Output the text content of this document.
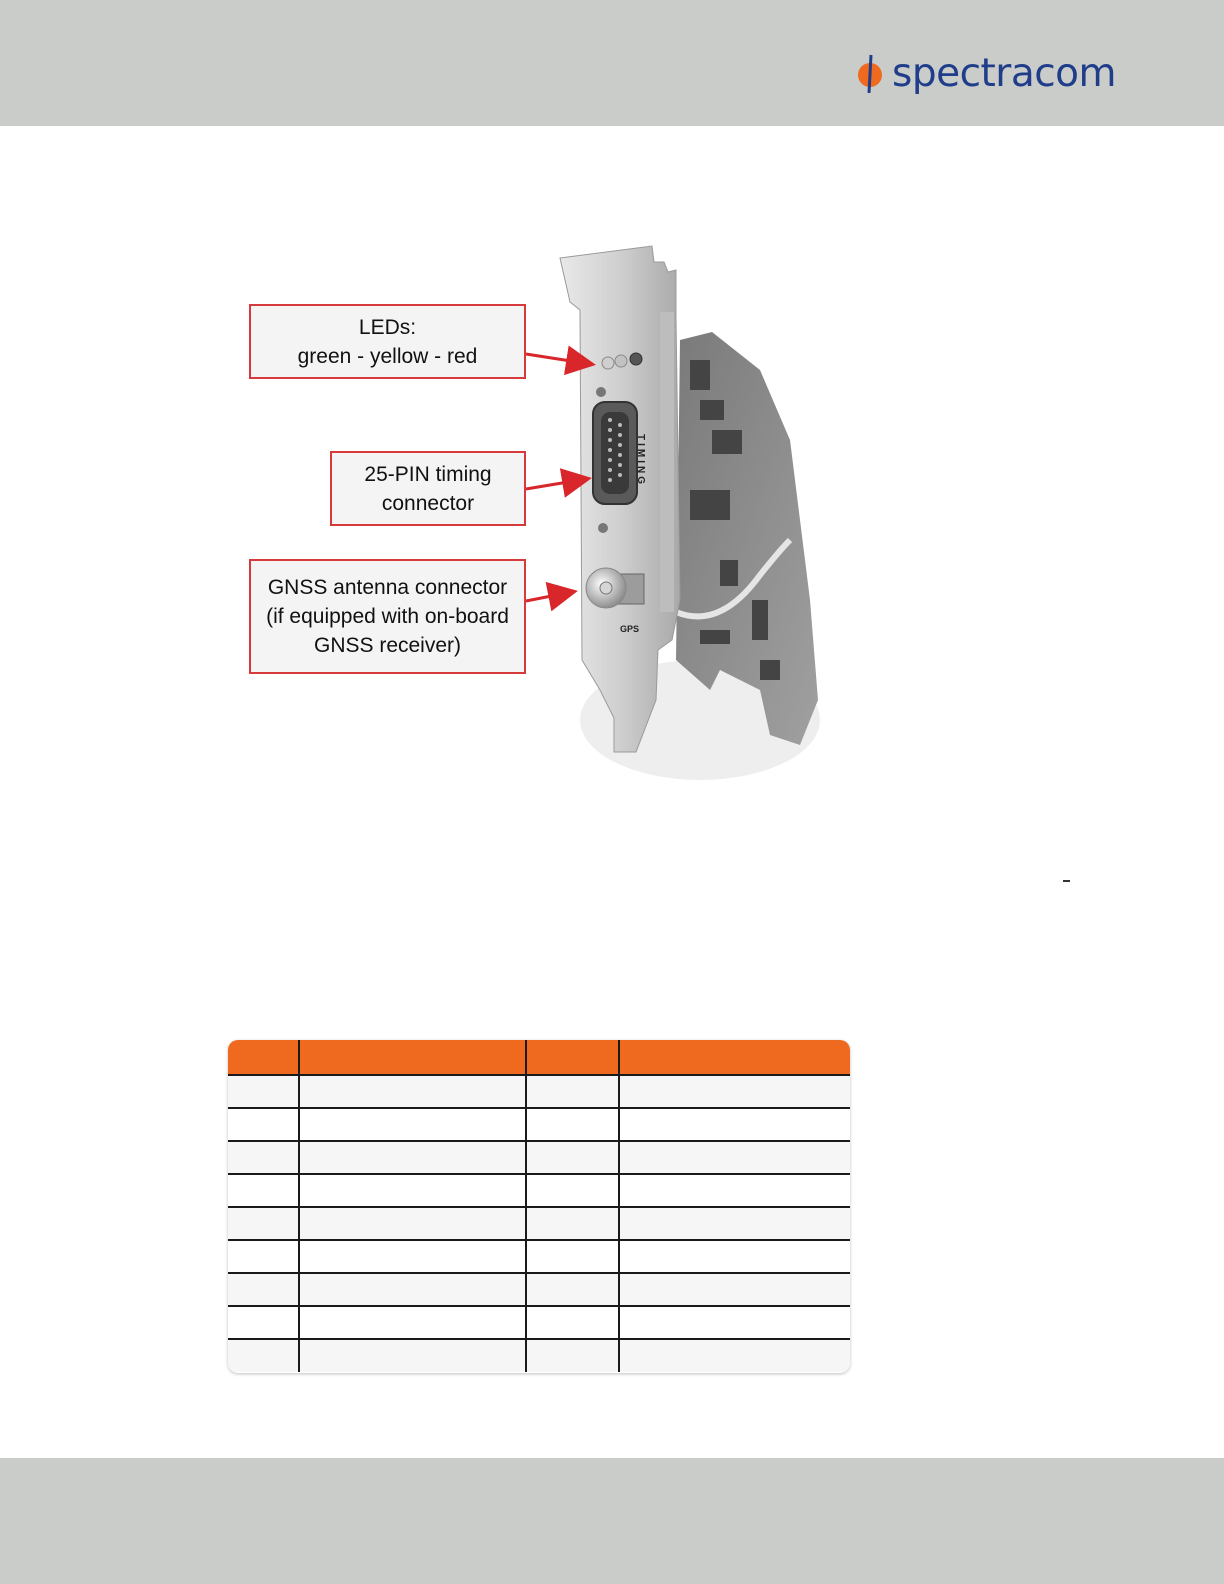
spectracom
TIMING
GPS
LEDs:
green - yellow - red
25-PIN timing
connector
GNSS antenna connector
(if equipped with on-board
GNSS receiver)
